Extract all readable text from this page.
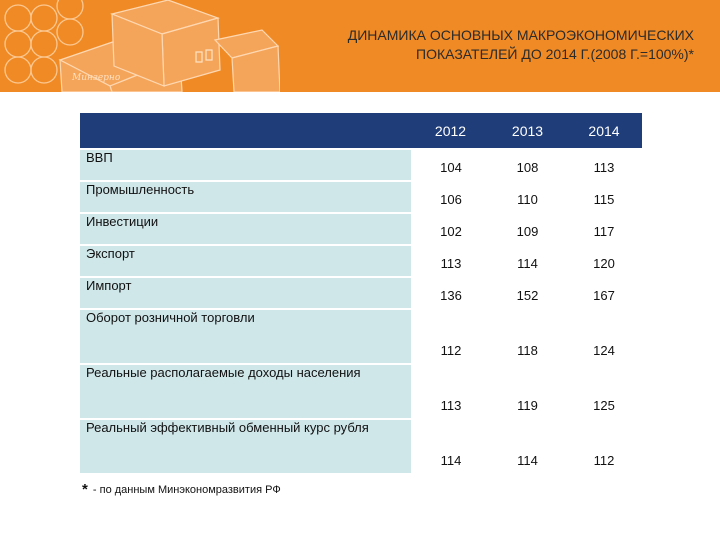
Минзерно
ДИНАМИКА ОСНОВНЫХ МАКРОЭКОНОМИЧЕСКИХ
ПОКАЗАТЕЛЕЙ ДО 2014 Г.(2008 Г.=100%)*
	2012	2013	2014
ВВП	104	108	113
Промышленность	106	110	115
Инвестиции	102	109	117
Экспорт	113	114	120
Импорт	136	152	167
Оборот розничной торговли	112	118	124
Реальные располагаемые доходы населения	113	119	125
Реальный эффективный обменный курс рубля	114	114	112
* - по данным Минэкономразвития РФ
